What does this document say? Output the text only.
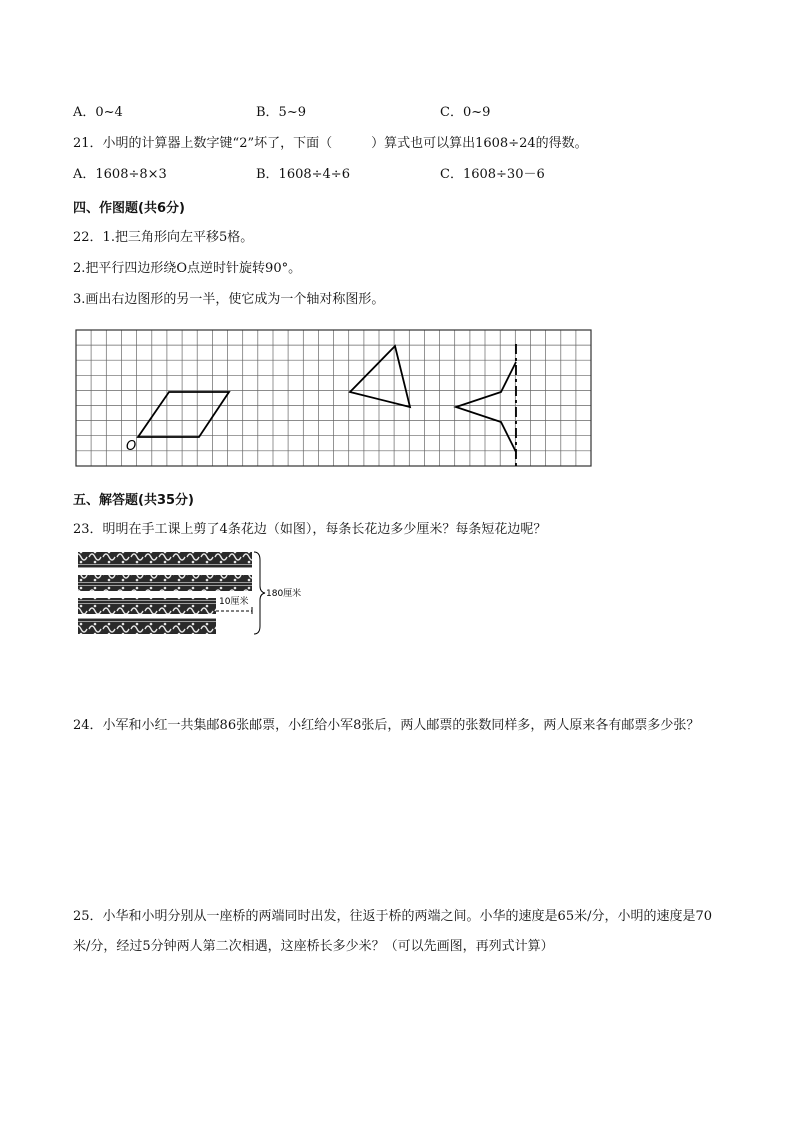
A．0~4	B．5~9	C．0~9
21．小明的计算器上数字键“2”坏了，下面（　　　）算式也可以算出1608÷24的得数。
A．1608÷8×3	B．1608÷4÷6	C．1608÷30－6
四、作图题(共6分)
22．1.把三角形向左平移5格。
2.把平行四边形绕O点逆时针旋转90°。
3.画出右边图形的另一半，使它成为一个轴对称图形。
O
五、解答题(共35分)
23．明明在手工课上剪了4条花边（如图），每条长花边多少厘米？每条短花边呢？
10厘米
180厘米
24．小军和小红一共集邮86张邮票，小红给小军8张后，两人邮票的张数同样多，两人原来各有邮票多少张？
25．小华和小明分别从一座桥的两端同时出发，往返于桥的两端之间。小华的速度是65米/分，小明的速度是70米/分，经过5分钟两人第二次相遇，这座桥长多少米？（可以先画图，再列式计算）
